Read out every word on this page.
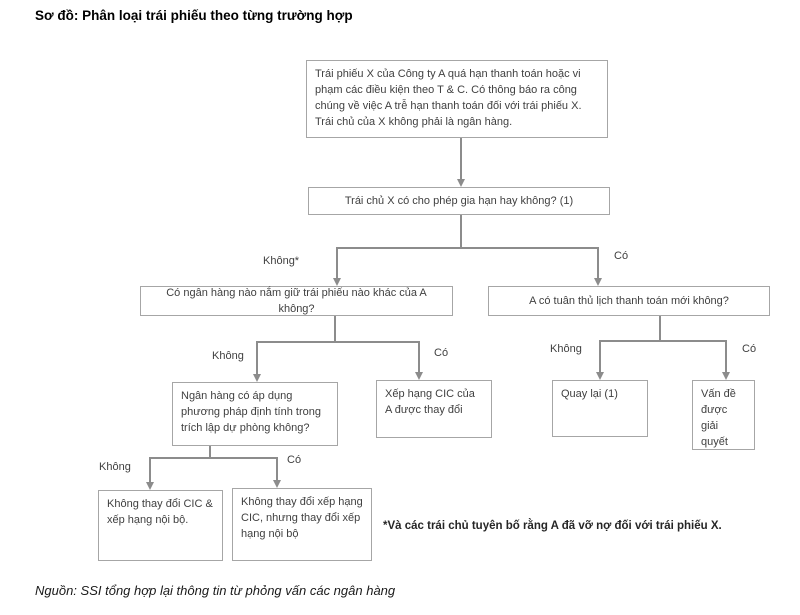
Sơ đồ: Phân loại trái phiếu theo từng trường hợp
Trái phiếu X của Công ty A quá hạn thanh toán hoặc vi phạm các điều kiện theo T & C. Có thông báo ra công chúng về việc A trễ hạn thanh toán đối với trái phiếu X. Trái chủ của X không phải là ngân hàng.
Trái chủ X có cho phép gia hạn hay không? (1)
Có ngân hàng nào nắm giữ trái phiếu nào khác của A không?
A có tuân thủ lịch thanh toán mới không?
Ngân hàng có áp dụng phương pháp định tính trong trích lập dự phòng không?
Xếp hạng CIC của A được thay đổi
Quay lại (1)	Vấn đề được giải quyết
Không thay đổi CIC & xếp hạng nội bộ.
Không thay đổi xếp hạng CIC, nhưng thay đổi xếp hạng nội bộ
Không*	Có
Không	Có	Không	Có
Không
Có
*Và các trái chủ tuyên bố rằng A đã vỡ nợ đối với trái phiếu X.
Nguồn: SSI tổng hợp lại thông tin từ phỏng vấn các ngân hàng
